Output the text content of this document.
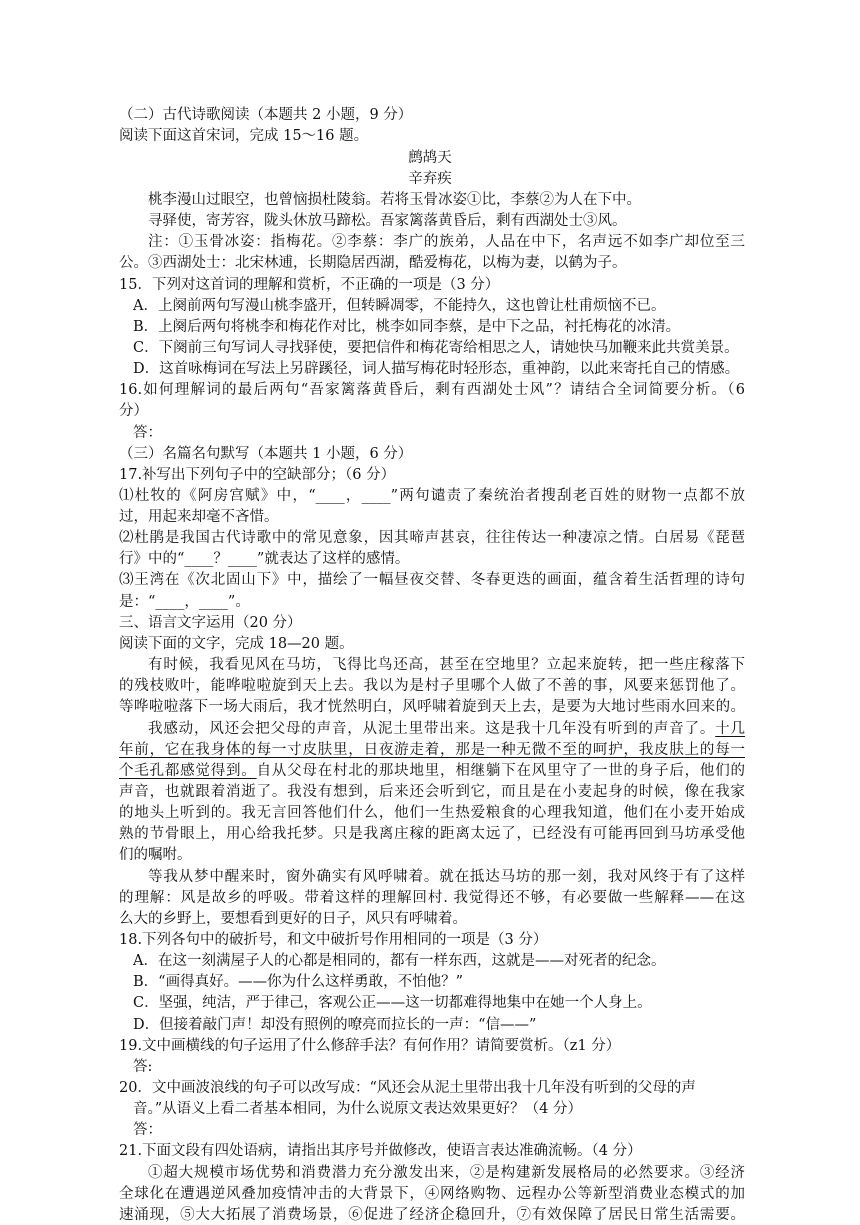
（二）古代诗歌阅读（本题共 2 小题，9 分）
阅读下面这首宋词，完成 15～16 题。
鹧鸪天
辛弃疾
桃李漫山过眼空，也曾恼损杜陵翁。若将玉骨冰姿①比，李蔡②为人在下中。
寻驿使，寄芳容，陇头休放马蹄松。吾家篱落黄昏后，剩有西湖处士③风。
注：①玉骨冰姿：指梅花。②李蔡：李广的族弟，人品在中下，名声远不如李广却位至三
公。③西湖处士：北宋林逋，长期隐居西湖，酷爱梅花，以梅为妻，以鹤为子。
15．下列对这首词的理解和赏析，不正确的一项是（3 分）
A．上阕前两句写漫山桃李盛开，但转瞬凋零，不能持久，这也曾让杜甫烦恼不已。
B．上阕后两句将桃李和梅花作对比，桃李如同李蔡，是中下之品，衬托梅花的冰清。
C．下阕前三句写词人寻找驿使，要把信件和梅花寄给相思之人，请她快马加鞭来此共赏美景。
D．这首咏梅词在写法上另辟蹊径，词人描写梅花时轻形态，重神韵，以此来寄托自己的情感。
16.如何理解词的最后两句“吾家篱落黄昏后，剩有西湖处士风”？请结合全词简要分析。（6
分）
答：
（三）名篇名句默写（本题共 1 小题，6 分）
17.补写出下列句子中的空缺部分；（6 分）
⑴杜牧的《阿房宫赋》中，“____，____”两句谴责了秦统治者搜刮老百姓的财物一点都不放
过，用起来却毫不吝惜。
⑵杜鹃是我国古代诗歌中的常见意象，因其啼声甚哀，往往传达一种凄凉之情。白居易《琵琶
行》中的“____？____”就表达了这样的感情。
⑶王湾在《次北固山下》中，描绘了一幅昼夜交替、冬春更迭的画面，蕴含着生活哲理的诗句
是：“____，____”。
三、语言文字运用（20 分）
阅读下面的文字，完成 18—20 题。
有时候，我看见风在马坊，飞得比鸟还高，甚至在空地里？立起来旋转，把一些庄稼落下
的残枝败叶，能哗啦啦旋到天上去。我以为是村子里哪个人做了不善的事，风要来惩罚他了。
等哗啦啦落下一场大雨后，我才恍然明白，风呼啸着旋到天上去，是要为大地讨些雨水回来的。
我感动，风还会把父母的声音，从泥土里带出来。这是我十几年没有听到的声音了。十几
年前，它在我身体的每一寸皮肤里，日夜游走着，那是一种无微不至的呵护，我皮肤上的每一
个毛孔都感觉得到。自从父母在村北的那块地里，相继躺下在风里守了一世的身子后，他们的
声音，也就跟着消逝了。我没有想到，后来还会听到它，而且是在小麦起身的时候，像在我家
的地头上听到的。我无言回答他们什么，他们一生热爱粮食的心理我知道，他们在小麦开始成
熟的节骨眼上，用心给我托梦。只是我离庄稼的距离太远了，已经没有可能再回到马坊承受他
们的嘱咐。
等我从梦中醒来时，窗外确实有风呼啸着。就在抵达马坊的那一刻，我对风终于有了这样
的理解：风是故乡的呼吸。带着这样的理解回村. 我觉得还不够，有必要做一些解释——在这
么大的乡野上，要想看到更好的日子，风只有呼啸着。
18.下列各句中的破折号，和文中破折号作用相同的一项是（3 分）
A．在这一刻满屋子人的心都是相同的，都有一样东西，这就是——对死者的纪念。
B．“画得真好。——你为什么这样勇敢，不怕他？”
C．坚强，纯洁，严于律己，客观公正——这一切都难得地集中在她一个人身上。
D．但接着敲门声！却没有照例的嘹亮而拉长的一声：“信——”
19.文中画横线的句子运用了什么修辞手法？有何作用？请简要赏析。（z1 分）
答:
20．文中画波浪线的句子可以改写成：“风还会从泥土里带出我十几年没有听到的父母的声
音。”从语义上看二者基本相同，为什么说原文表达效果更好？（4 分）
答：
21.下面文段有四处语病，请指出其序号并做修改，使语言表达准确流畅。（4 分）
①超大规模市场优势和消费潜力充分激发出来，②是构建新发展格局的必然要求。③经济
全球化在遭遇逆风叠加疫情冲击的大背景下，④网络购物、远程办公等新型消费业态模式的加
速涌现，⑤大大拓展了消费场景，⑥促进了经济企稳回升，⑦有效保障了居民日常生活需要。
